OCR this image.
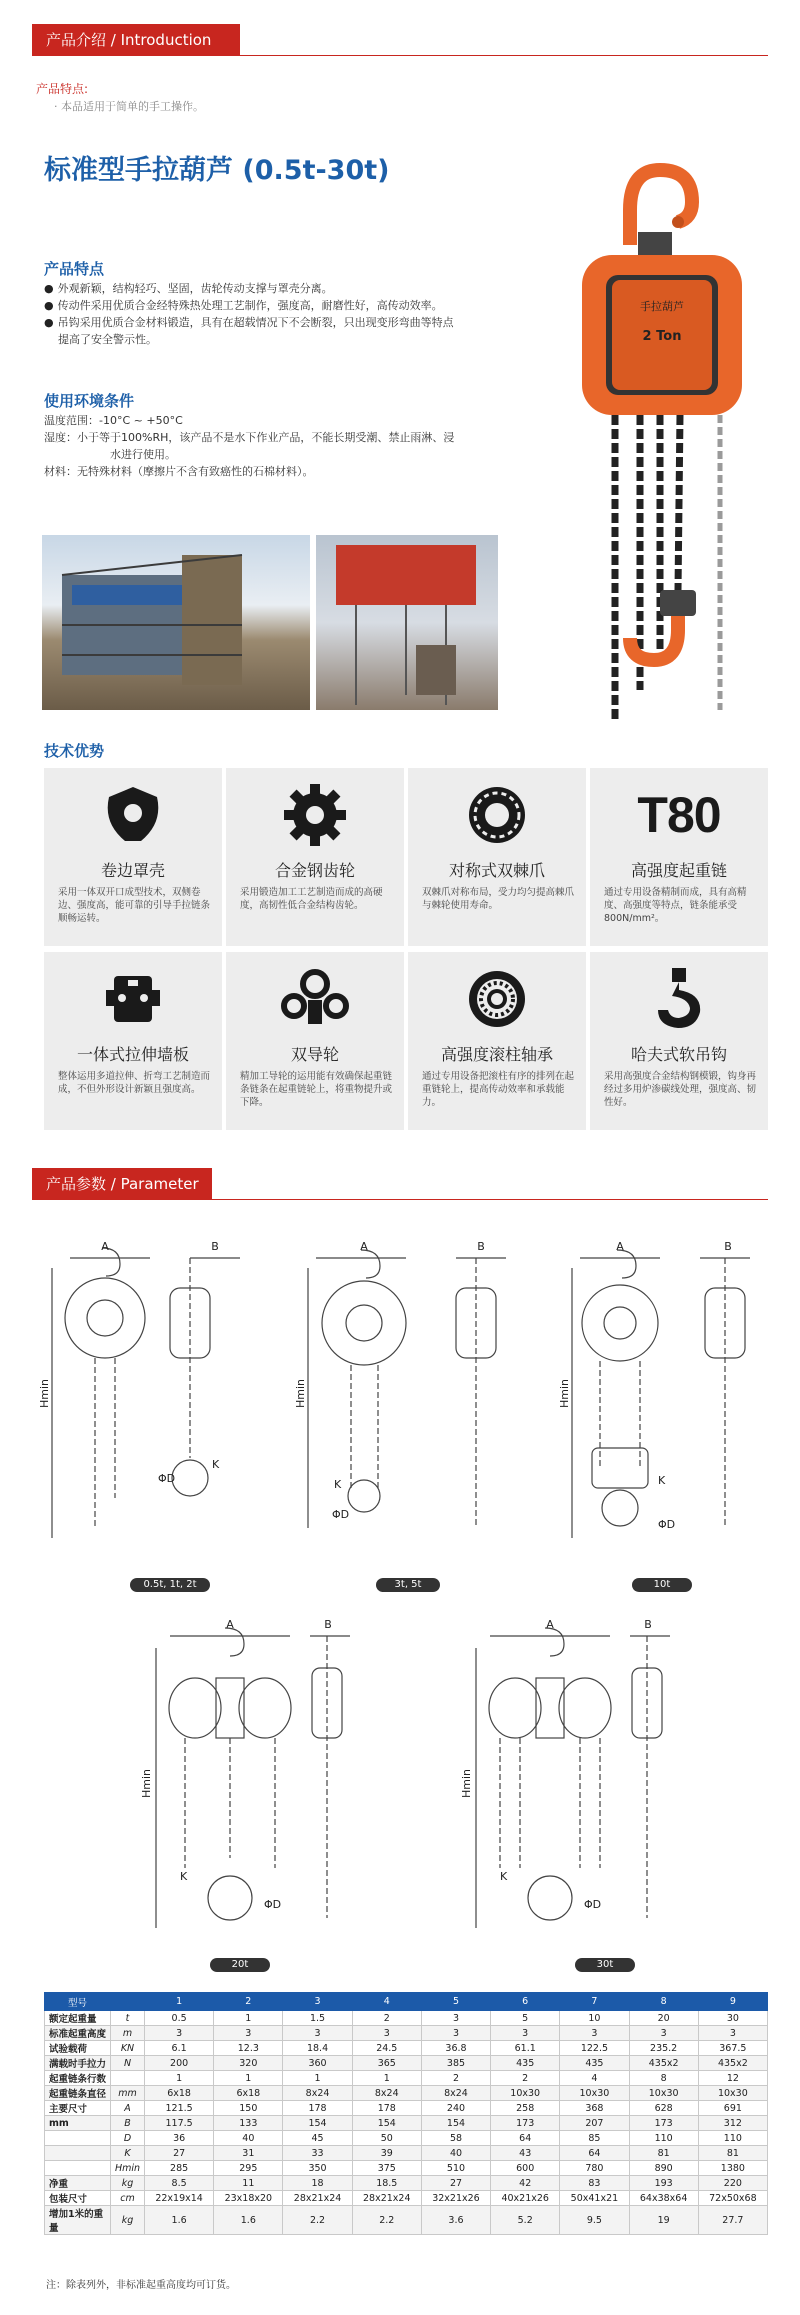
产品介绍 / Introduction
产品特点:
· 本品适用于简单的手工操作。
标准型手拉葫芦 (0.5t-30t)
产品特点

● 外观新颖，结构轻巧、坚固，齿轮传动支撑与罩壳分离。

● 传动件采用优质合金经特殊热处理工艺制作，强度高，耐磨性好，高传动效率。

● 吊钩采用优质合金材料锻造，具有在超载情况下不会断裂，只出现变形弯曲等特点

提高了安全警示性。

使用环境条件

温度范围：-10°C ~ +50°C

湿度：小于等于100%RH，该产品不是水下作业产品，不能长期受潮、禁止雨淋、浸

水进行使用。

材料：无特殊材料（摩擦片不含有致癌性的石棉材料）。

手拉葫芦
2 Ton
技术优势
卷边罩壳
采用一体双开口成型技术，双侧卷边、强度高，能可靠的引导手拉链条顺畅运转。
合金钢齿轮
采用锻造加工工艺制造而成的高硬度，高韧性低合金结构齿轮。
对称式双棘爪
双棘爪对称布局，受力均匀提高棘爪与棘轮使用寿命。
T80
高强度起重链
通过专用设备精制而成，具有高精度、高强度等特点，链条能承受800N/mm²。
一体式拉伸墙板
整体运用多道拉伸、折弯工艺制造而成，不但外形设计新颖且强度高。
双导轮
精加工导轮的运用能有效确保起重链条链条在起重链轮上，将重物提升或下降。
高强度滚柱轴承
通过专用设备把滚柱有序的排列在起重链轮上，提高传动效率和承载能力。
哈夫式软吊钩
采用高强度合金结构钢模锻，钩身再经过多用炉渗碳线处理，强度高、韧性好。
产品参数 / Parameter
A	B
Hmin
ΦD
K
0.5t, 1t, 2t
A	B
Hmin
ΦD
K
3t, 5t
A	B
Hmin
ΦD
K
10t
A	B
Hmin
ΦD
K
20t
A	B
Hmin
ΦD
K
30t
型号		1	2	3	4	5	6	7	8	9
额定起重量	t	0.5	1	1.5	2	3	5	10	20	30
标准起重高度	m	3	3	3	3	3	3	3	3	3
试验载荷	KN	6.1	12.3	18.4	24.5	36.8	61.1	122.5	235.2	367.5
满载时手拉力	N	200	320	360	365	385	435	435	435x2	435x2
起重链条行数		1	1	1	1	2	2	4	8	12
起重链条直径	mm	6x18	6x18	8x24	8x24	8x24	10x30	10x30	10x30	10x30
主要尺寸	A	121.5	150	178	178	240	258	368	628	691
mm	B	117.5	133	154	154	154	173	207	173	312
	D	36	40	45	50	58	64	85	110	110
	K	27	31	33	39	40	43	64	81	81
	Hmin	285	295	350	375	510	600	780	890	1380
净重	kg	8.5	11	18	18.5	27	42	83	193	220
包装尺寸	cm	22x19x14	23x18x20	28x21x24	28x21x24	32x21x26	40x21x26	50x41x21	64x38x64	72x50x68
增加1米的重量	kg	1.6	1.6	2.2	2.2	3.6	5.2	9.5	19	27.7
注：除表列外，非标准起重高度均可订货。
